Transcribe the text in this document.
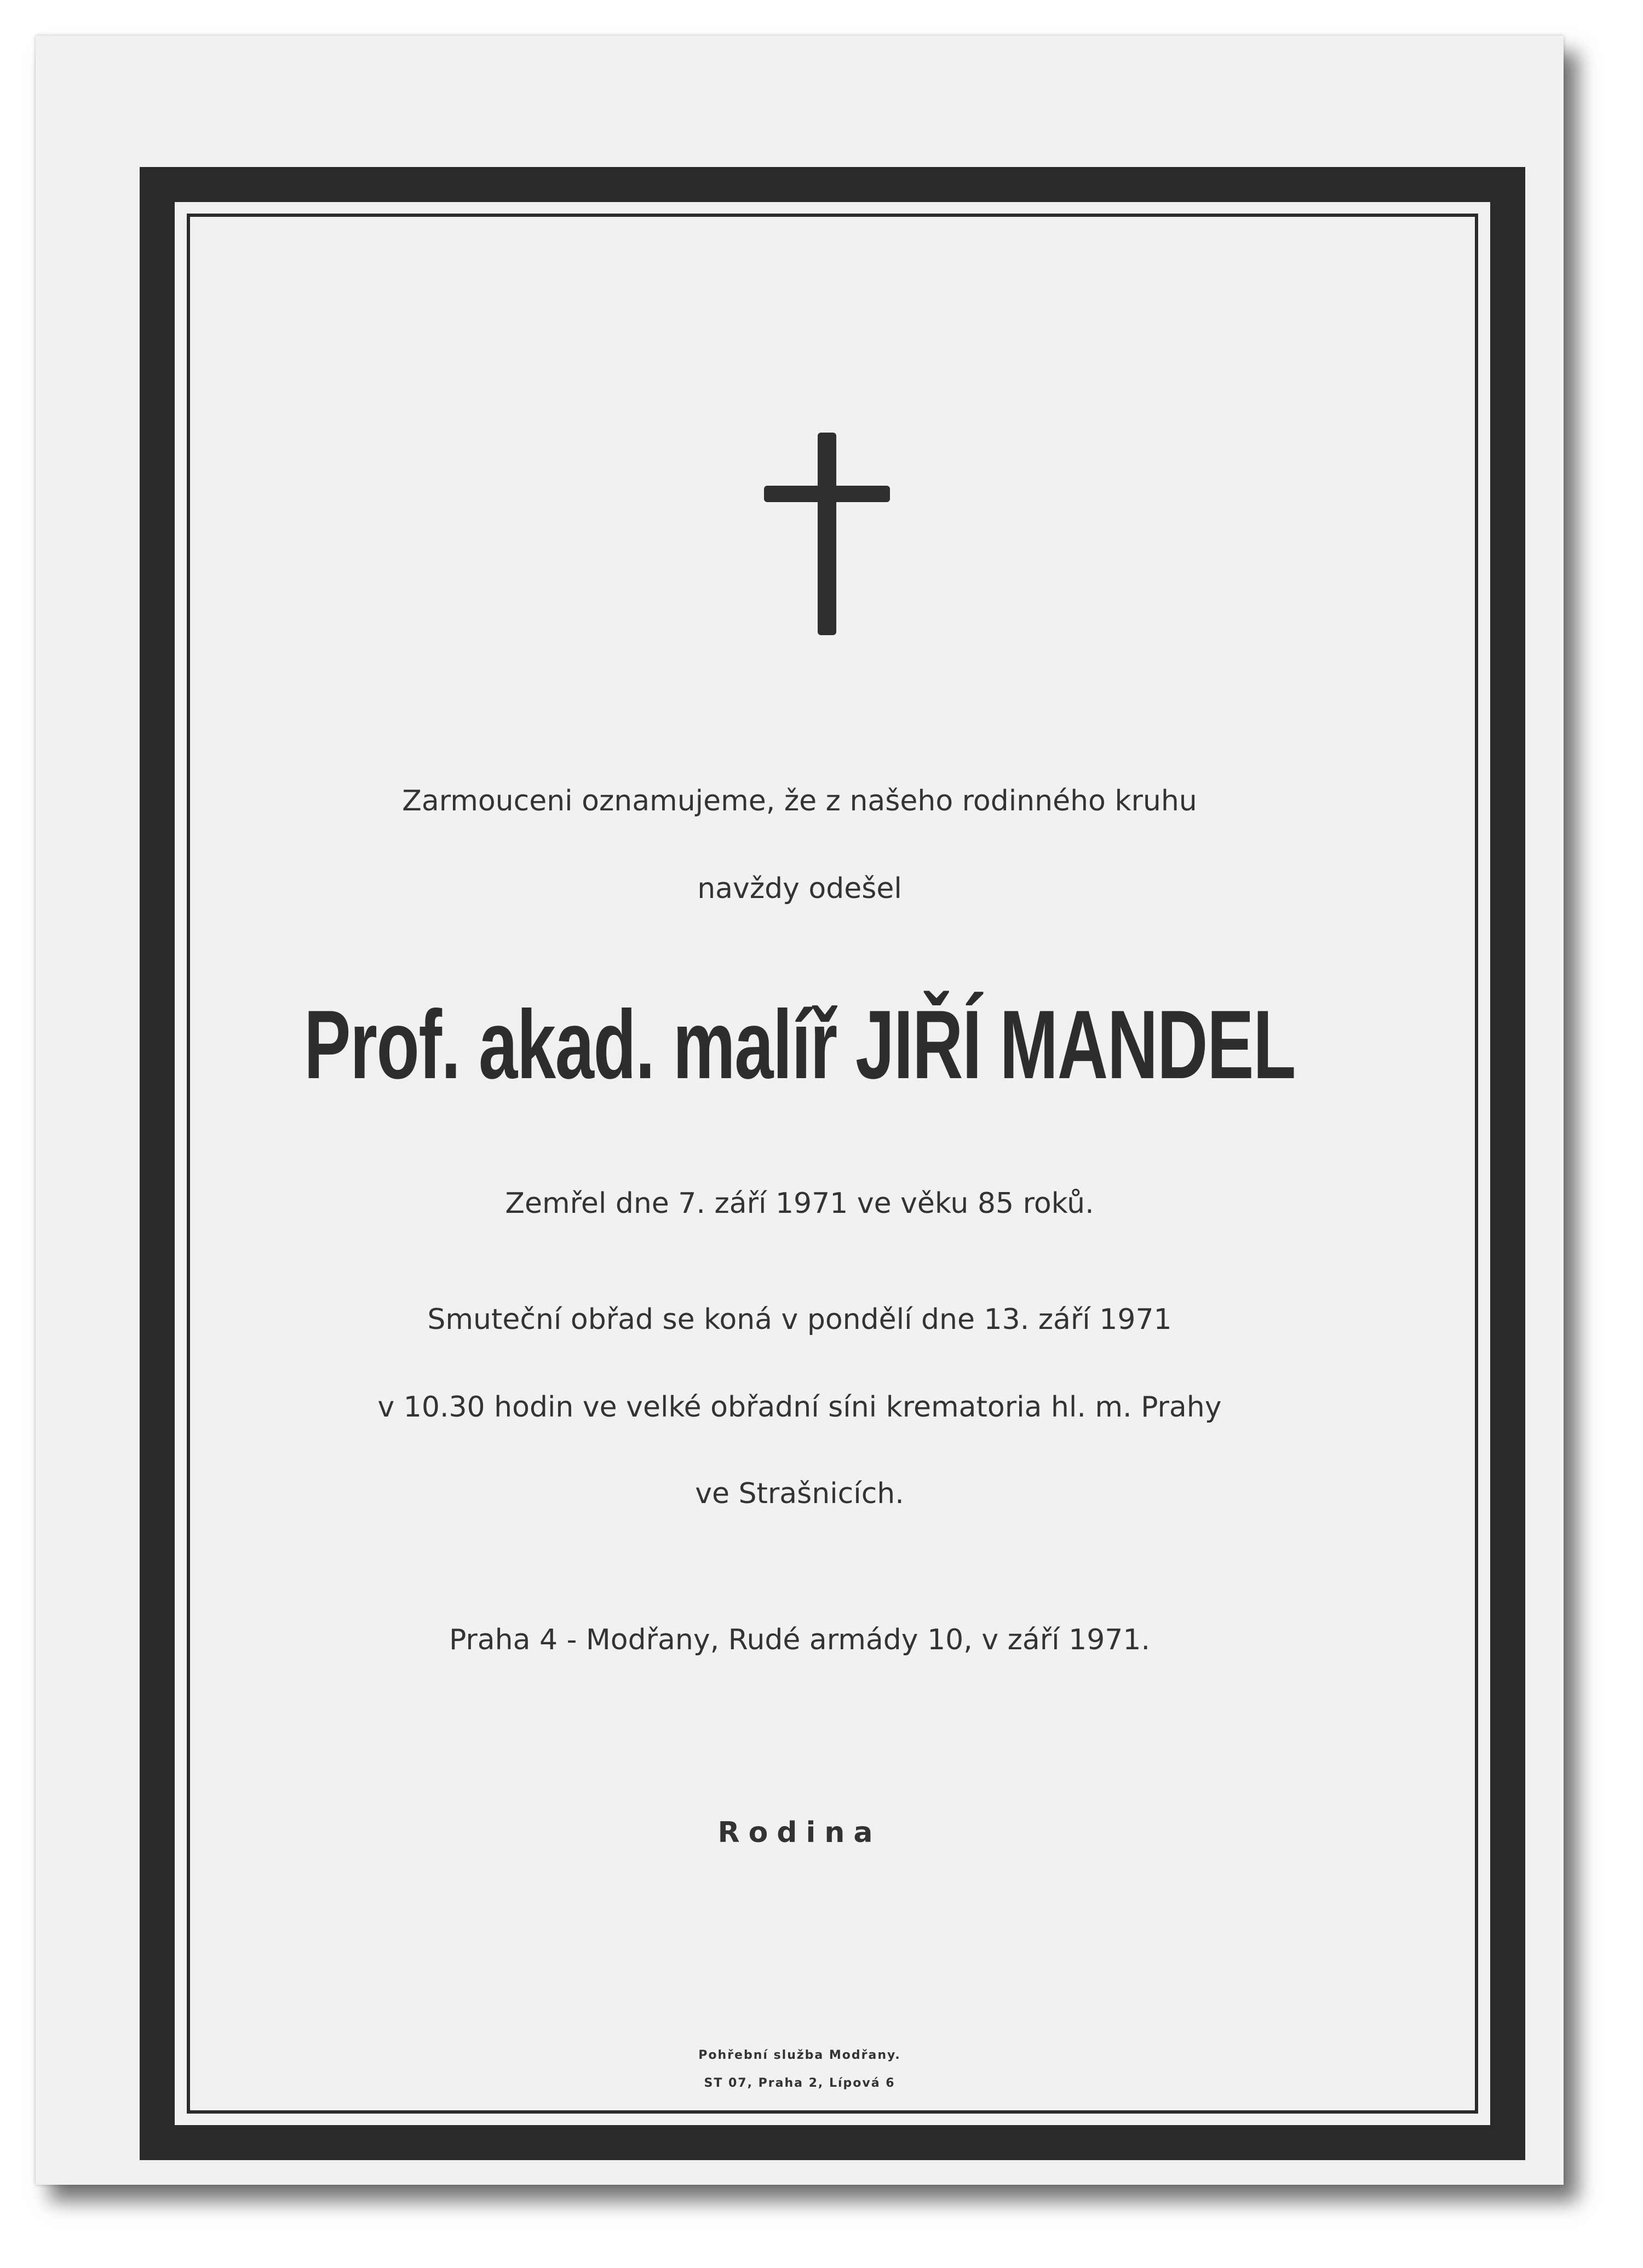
Zarmouceni oznamujeme, že z našeho rodinného kruhu
navždy odešel
Prof. akad. malíř JIŘÍ MANDEL
Zemřel dne 7. září 1971 ve věku 85 roků.
Smuteční obřad se koná v pondělí dne 13. září 1971
v 10.30 hodin ve velké obřadní síni krematoria hl. m. Prahy
ve Strašnicích.
Praha 4 - Modřany, Rudé armády 10, v září 1971.
Rodina
Pohřební služba Modřany.
ST 07, Praha 2, Lípová 6
